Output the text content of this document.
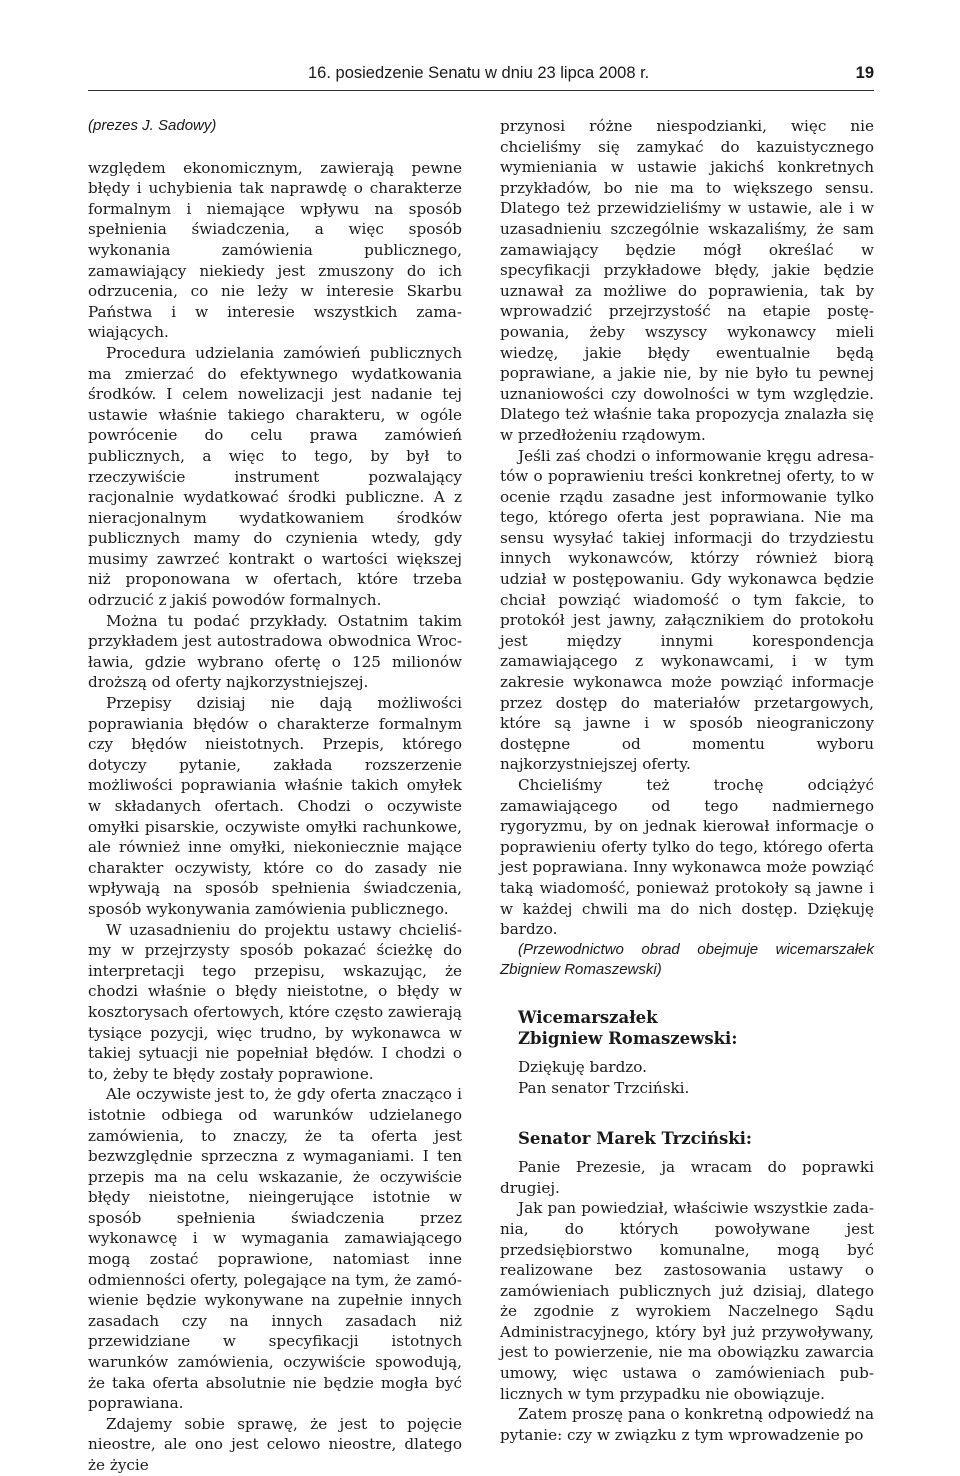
16. posiedzenie Senatu w dniu 23 lipca 2008 r.	19

(prezes J. Sadowy)

względem ekonomicznym, zawierają pewne błędy i uchybienia tak naprawdę o charakterze formalnym i niemające wpływu na sposób spełnienia świadczenia, a więc sposób wykonania zamówienia publicznego, zamawiający niekiedy jest zmuszony do ich odrzucenia, co nie leży w interesie Skarbu Państwa i w interesie wszystkich zamawiających.

Procedura udzielania zamówień publicznych ma zmierzać do efektywnego wydatkowania środków. I celem nowelizacji jest nadanie tej ustawie właśnie takiego charakteru, w ogóle powrócenie do celu prawa zamówień publicznych, a więc to tego, by był to rzeczywiście instrument pozwalający racjonalnie wydatkować środki publiczne. A z nieracjonalnym wydatkowaniem środków publicznych mamy do czynienia wtedy, gdy musimy zawrzeć kontrakt o wartości większej niż proponowana w ofertach, które trzeba odrzucić z jakiś powodów formalnych.

Można tu podać przykłady. Ostatnim takim przykładem jest autostradowa obwodnica Wrocławia, gdzie wybrano ofertę o 125 milionów droższą od oferty najkorzystniejszej.

Przepisy dzisiaj nie dają możliwości poprawiania błędów o charakterze formalnym czy błędów nieistotnych. Przepis, którego dotyczy pytanie, zakłada rozszerzenie możliwości poprawiania właśnie takich omyłek w składanych ofertach. Chodzi o oczywiste omyłki pisarskie, oczywiste omyłki rachunkowe, ale również inne omyłki, niekoniecznie mające charakter oczywisty, które co do zasady nie wpływają na sposób spełnienia świadczenia, sposób wykonywania zamówienia publicznego.

W uzasadnieniu do projektu ustawy chcieliśmy w przejrzysty sposób pokazać ścieżkę do interpretacji tego przepisu, wskazując, że chodzi właśnie o błędy nieistotne, o błędy w kosztorysach ofertowych, które często zawierają tysiące pozycji, więc trudno, by wykonawca w takiej sytuacji nie popełniał błędów. I chodzi o to, żeby te błędy zostały poprawione.

Ale oczywiste jest to, że gdy oferta znacząco i istotnie odbiega od warunków udzielanego zamówienia, to znaczy, że ta oferta jest bezwzględnie sprzeczna z wymaganiami. I ten przepis ma na celu wskazanie, że oczywiście błędy nieistotne, nieingerujące istotnie w sposób spełnienia świadczenia przez wykonawcę i w wymagania zamawiającego mogą zostać poprawione, natomiast inne odmienności oferty, polegające na tym, że zamówienie będzie wykonywane na zupełnie innych zasadach czy na innych zasadach niż przewidziane w specyfikacji istotnych warunków zamówienia, oczywiście spowodują, że taka oferta absolutnie nie będzie mogła być poprawiana.

Zdajemy sobie sprawę, że jest to pojęcie nieostre, ale ono jest celowo nieostre, dlatego że życie

przynosi różne niespodzianki, więc nie chcieliśmy się zamykać do kazuistycznego wymieniania w ustawie jakichś konkretnych przykładów, bo nie ma to większego sensu. Dlatego też przewidzieliśmy w ustawie, ale i w uzasadnieniu szczególnie wskazaliśmy, że sam zamawiający będzie mógł określać w specyfikacji przykładowe błędy, jakie będzie uznawał za możliwe do poprawienia, tak by wprowadzić przejrzystość na etapie postępowania, żeby wszyscy wykonawcy mieli wiedzę, jakie błędy ewentualnie będą poprawiane, a jakie nie, by nie było tu pewnej uznaniowości czy dowolności w tym względzie. Dlatego też właśnie taka propozycja znalazła się w przedłożeniu rządowym.

Jeśli zaś chodzi o informowanie kręgu adresatów o poprawieniu treści konkretnej oferty, to w ocenie rządu zasadne jest informowanie tylko tego, którego oferta jest poprawiana. Nie ma sensu wysyłać takiej informacji do trzydziestu innych wykonawców, którzy również biorą udział w postępowaniu. Gdy wykonawca będzie chciał powziąć wiadomość o tym fakcie, to protokół jest jawny, załącznikiem do protokołu jest między innymi korespondencja zamawiającego z wykonawcami, i w tym zakresie wykonawca może powziąć informacje przez dostęp do materiałów przetargowych, które są jawne i w sposób nieograniczony dostępne od momentu wyboru najkorzystniejszej oferty.

Chcieliśmy też trochę odciążyć zamawiającego od tego nadmiernego rygoryzmu, by on jednak kierował informacje o poprawieniu oferty tylko do tego, którego oferta jest poprawiana. Inny wykonawca może powziąć taką wiadomość, ponieważ protokoły są jawne i w każdej chwili ma do nich dostęp. Dziękuję bardzo.

(Przewodnictwo obrad obejmuje wicemarszałek Zbigniew Romaszewski)

Wicemarszałek
Zbigniew Romaszewski:

Dziękuję bardzo.

Pan senator Trzciński.

Senator Marek Trzciński:

Panie Prezesie, ja wracam do poprawki drugiej.

Jak pan powiedział, właściwie wszystkie zadania, do których powoływane jest przedsiębiorstwo komunalne, mogą być realizowane bez zastosowania ustawy o zamówieniach publicznych już dzisiaj, dlatego że zgodnie z wyrokiem Naczelnego Sądu Administracyjnego, który był już przywoływany, jest to powierzenie, nie ma obowiązku zawarcia umowy, więc ustawa o zamówieniach publicznych w tym przypadku nie obowiązuje.

Zatem proszę pana o konkretną odpowiedź na pytanie: czy w związku z tym wprowadzenie po
